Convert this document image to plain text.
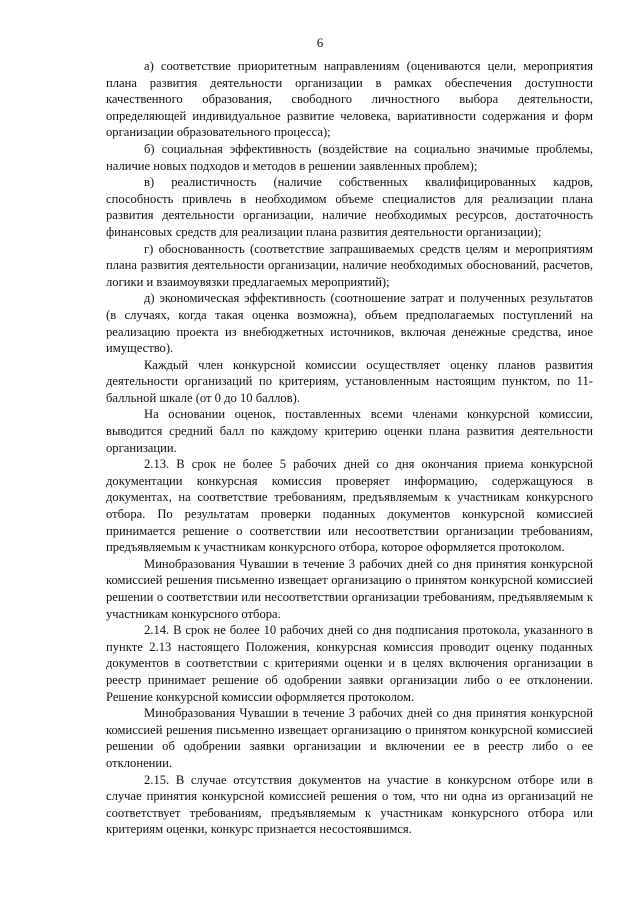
6

а) соответствие приоритетным направлениям (оцениваются цели, мероприятия плана развития деятельности организации в рамках обеспечения доступности качественного образования, свободного личностного выбора деятельности, определяющей индивидуальное развитие человека, вариативности содержания и форм организации образовательного процесса);

б) социальная эффективность (воздействие на социально значимые проблемы, наличие новых подходов и методов в решении заявленных проблем);

в) реалистичность (наличие собственных квалифицированных кадров, способность привлечь в необходимом объеме специалистов для реализации плана развития деятельности организации, наличие необходимых ресурсов, достаточность финансовых средств для реализации плана развития деятельности организации);

г) обоснованность (соответствие запрашиваемых средств целям и мероприятиям плана развития деятельности организации, наличие необходимых обоснований, расчетов, логики и взаимоувязки предлагаемых мероприятий);

д) экономическая эффективность (соотношение затрат и полученных результатов (в случаях, когда такая оценка возможна), объем предполагаемых поступлений на реализацию проекта из внебюджетных источников, включая денежные средства, иное имущество).

Каждый член конкурсной комиссии осуществляет оценку планов развития деятельности организаций по критериям, установленным настоящим пунктом, по 11-балльной шкале (от 0 до 10 баллов).

На основании оценок, поставленных всеми членами конкурсной комиссии, выводится средний балл по каждому критерию оценки плана развития деятельности организации.

2.13. В срок не более 5 рабочих дней со дня окончания приема конкурсной документации конкурсная комиссия проверяет информацию, содержащуюся в документах, на соответствие требованиям, предъявляемым к участникам конкурсного отбора. По результатам проверки поданных документов конкурсной комиссией принимается решение о соответствии или несоответствии организации требованиям, предъявляемым к участникам конкурсного отбора, которое оформляется протоколом.

Минобразования Чувашии в течение 3 рабочих дней со дня принятия конкурсной комиссией решения письменно извещает организацию о принятом конкурсной комиссией решении о соответствии или несоответствии организации требованиям, предъявляемым к участникам конкурсного отбора.

2.14. В срок не более 10 рабочих дней со дня подписания протокола, указанного в пункте 2.13 настоящего Положения, конкурсная комиссия проводит оценку поданных документов в соответствии с критериями оценки и в целях включения организации в реестр принимает решение об одобрении заявки организации либо о ее отклонении. Решение конкурсной комиссии оформляется протоколом.

Минобразования Чувашии в течение 3 рабочих дней со дня принятия конкурсной комиссией решения письменно извещает организацию о принятом конкурсной комиссией решении об одобрении заявки организации и включении ее в реестр либо о ее отклонении.

2.15. В случае отсутствия документов на участие в конкурсном отборе или в случае принятия конкурсной комиссией решения о том, что ни одна из организаций не соответствует требованиям, предъявляемым к участникам конкурсного отбора или критериям оценки, конкурс признается несостоявшимся.
